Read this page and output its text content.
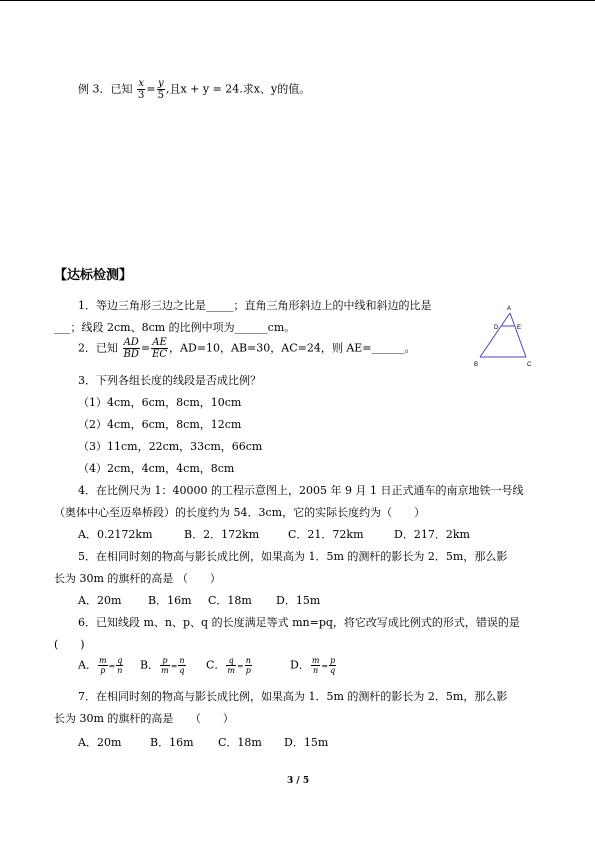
例 3．已知 $\frac{x}{3} = \frac{y}{5}$ ,且x + y = 24.求x、y的值。
【达标检测】
1．等边三角形三边之比是_____；直角三角形斜边上的中线和斜边的比是
___；线段 2cm、8cm 的比例中项为______cm。
2．已知 $\frac{AD}{BD} = \frac{AE}{EC}$ ，AD=10，AB=30，AC=24，则 AE=______。
A
D	E
B	C
3．下列各组长度的线段是否成比例？
（1）4cm，6cm，8cm，10cm
（2）4cm，6cm，8cm，12cm
（3）11cm，22cm，33cm，66cm
（4）2cm，4cm，4cm，8cm
4．在比例尺为 1：40000 的工程示意图上，2005 年 9 月 1 日正式通车的南京地铁一号线
（奥体中心至迈皋桥段）的长度约为 54．3cm，它的实际长度约为（　　）
A．0.2172km	B．2．172km	C．21．72km	D．217．2km
5．在相同时刻的物高与影长成比例，如果高为 1．5m 的测杆的影长为 2．5m，那么影
长为 30m 的旗杆的高是 （　　）
A．20m B．16m C．18m D．15m
6．已知线段 m、n、p、q 的长度满足等式 mn=pq，将它改写成比例式的形式，错误的是
(　　)
A． $\frac{m}{p} = \frac{q}{n}$ B． $\frac{p}{m} = \frac{n}{q}$ C． $\frac{q}{m} = \frac{n}{p}$	D． $\frac{m}{n} = \frac{p}{q}$
7．在相同时刻的物高与影长成比例，如果高为 1．5m 的测杆的影长为 2．5m，那么影
长为 30m 的旗杆的高是　　（　　）
A．20m	B．16m C．18m D．15m
3 / 5
